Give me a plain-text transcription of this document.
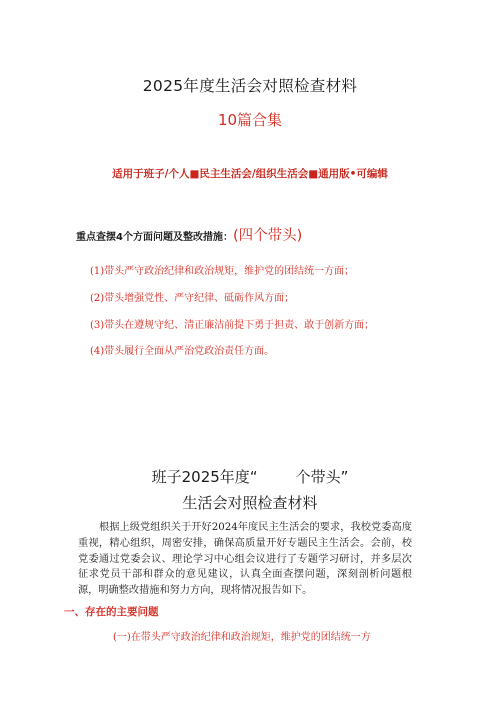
2025年度生活会对照检查材料
10篇合集
适用于班子/个人■民主生活会/组织生活会■通用版•可编辑
重点查摆4个方面问题及整改措施：(四个带头)
(1)带头严守政治纪律和政治规矩，维护党的团结统一方面；
(2)带头增强党性、严守纪律、砥砺作风方面；
(3)带头在遵规守纪、清正廉洁前提下勇于担责、敢于创新方面；
(4)带头履行全面从严治党政治责任方面。
班子2025年度“	个带头”
生活会对照检查材料
根据上级党组织关于开好2024年度民主生活会的要求，我校党委高度重视，精心组织，周密安排，确保高质量开好专题民主生活会。会前，校党委通过党委会议、理论学习中心组会议进行了专题学习研讨，并多层次征求党员干部和群众的意见建议，认真全面查摆问题，深刻剖析问题根源，明确整改措施和努力方向，现将情况报告如下。
一、存在的主要问题
(一)在带头严守政治纪律和政治规矩，维护党的团结统一方
